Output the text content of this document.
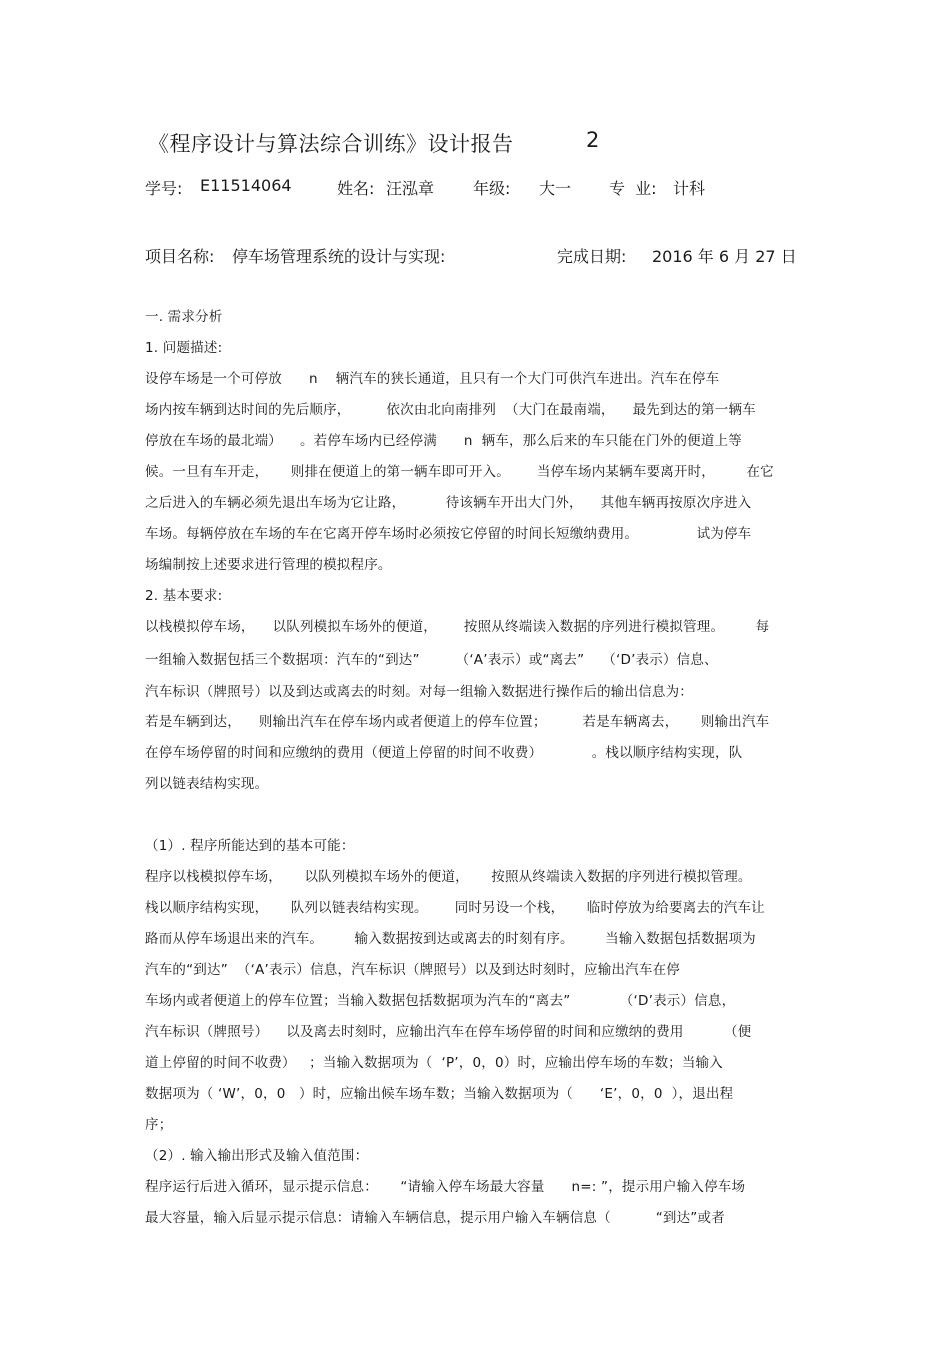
《程序设计与算法综合训练》设计报告	2
学号: E11514064	姓名: 汪泓章 年级: 大一 专  业: 计科
项目名称: 停车场管理系统的设计与实现:	完成日期: 2016 年 6 月 27 日
一. 需求分析
1. 问题描述:
设停车场是一个可停放      n    辆汽车的狭长通道，且只有一个大门可供汽车进出。汽车在停车
场内按车辆到达时间的先后顺序，        依次由北向南排列  （大门在最南端，    最先到达的第一辆车
停放在车场的最北端）    。若停车场内已经停满      n  辆车，那么后来的车只能在门外的便道上等
候。一旦有车开走，     则排在便道上的第一辆车即可开入。      当停车场内某辆车要离开时，       在它
之后进入的车辆必须先退出车场为它让路，         待该辆车开出大门外，    其他车辆再按原次序进入
车场。每辆停放在车场的车在它离开停车场时必须按它停留的时间长短缴纳费用。             试为停车
场编制按上述要求进行管理的模拟程序。
2. 基本要求:
以栈模拟停车场，    以队列模拟车场外的便道，      按照从终端读入数据的序列进行模拟管理。       每
一组输入数据包括三个数据项：汽车的“到达”        （‘A’表示）或“离去”    （‘D’表示）信息、
汽车标识（牌照号）以及到达或离去的时刻。对每一组输入数据进行操作后的输出信息为：
若是车辆到达，    则输出汽车在停车场内或者便道上的停车位置；        若是车辆离去，     则输出汽车
在停车场停留的时间和应缴纳的费用（便道上停留的时间不收费）           。栈以顺序结构实现，队
列以链表结构实现。
（1）. 程序所能达到的基本可能：
程序以栈模拟停车场，     以队列模拟车场外的便道，     按照从终端读入数据的序列进行模拟管理。
栈以顺序结构实现，     队列以链表结构实现。      同时另设一个栈，     临时停放为给要离去的汽车让
路而从停车场退出来的汽车。       输入数据按到达或离去的时刻有序。       当输入数据包括数据项为
汽车的“到达”  （‘A’表示）信息，汽车标识（牌照号）以及到达时刻时，应输出汽车在停
车场内或者便道上的停车位置；当输入数据包括数据项为汽车的“离去”           （‘D’表示）信息，
汽车标识（牌照号）    以及离去时刻时，应输出汽车在停车场停留的时间和应缴纳的费用         （便
道上停留的时间不收费）   ；当输入数据项为（  ‘P’，0，0）时，应输出停车场的车数；当输入
数据项为（ ‘W’，0，0   ）时，应输出候车场车数；当输入数据项为（      ‘E’，0，0  ），退出程
序；
（2）. 输入输出形式及输入值范围：
程序运行后进入循环，显示提示信息：     “请输入停车场最大容量      n=: ”，提示用户输入停车场
最大容量，输入后显示提示信息：请输入车辆信息，提示用户输入车辆信息（          “到达”或者
